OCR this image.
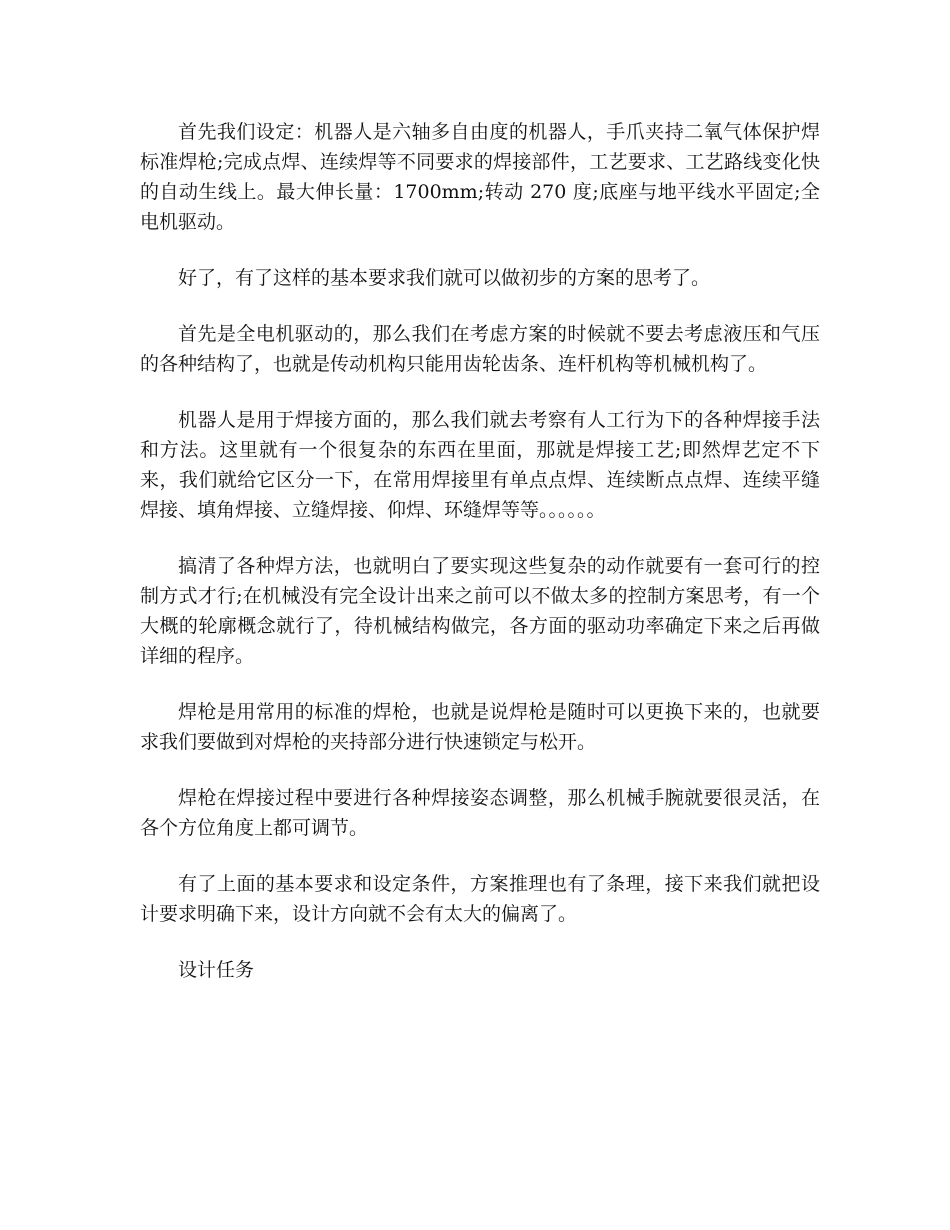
首先我们设定：机器人是六轴多自由度的机器人，手爪夹持二氧气体保护焊标准焊枪;完成点焊、连续焊等不同要求的焊接部件，工艺要求、工艺路线变化快的自动生线上。最大伸长量：1700mm;转动 270 度;底座与地平线水平固定;全电机驱动。

好了，有了这样的基本要求我们就可以做初步的方案的思考了。

首先是全电机驱动的，那么我们在考虑方案的时候就不要去考虑液压和气压的各种结构了，也就是传动机构只能用齿轮齿条、连杆机构等机械机构了。

机器人是用于焊接方面的，那么我们就去考察有人工行为下的各种焊接手法和方法。这里就有一个很复杂的东西在里面，那就是焊接工艺;即然焊艺定不下来，我们就给它区分一下，在常用焊接里有单点点焊、连续断点点焊、连续平缝焊接、填角焊接、立缝焊接、仰焊、环缝焊等等。。。。。。

搞清了各种焊方法，也就明白了要实现这些复杂的动作就要有一套可行的控制方式才行;在机械没有完全设计出来之前可以不做太多的控制方案思考，有一个大概的轮廓概念就行了，待机械结构做完，各方面的驱动功率确定下来之后再做详细的程序。

焊枪是用常用的标准的焊枪，也就是说焊枪是随时可以更换下来的，也就要求我们要做到对焊枪的夹持部分进行快速锁定与松开。

焊枪在焊接过程中要进行各种焊接姿态调整，那么机械手腕就要很灵活，在各个方位角度上都可调节。

有了上面的基本要求和设定条件，方案推理也有了条理，接下来我们就把设计要求明确下来，设计方向就不会有太大的偏离了。

设计任务
